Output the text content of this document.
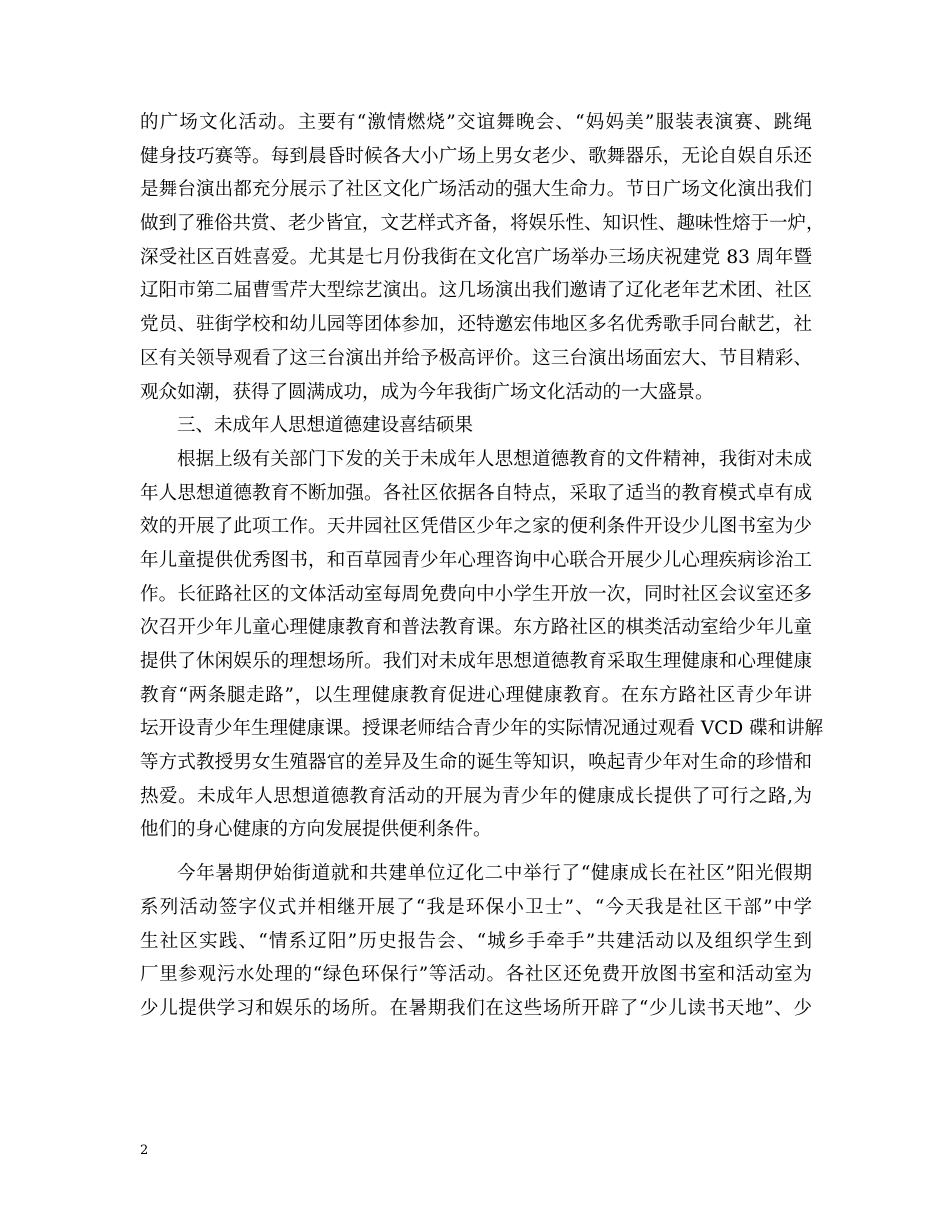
的广场文化活动。主要有“激情燃烧”交谊舞晚会、“妈妈美”服装表演赛、跳绳
健身技巧赛等。每到晨昏时候各大小广场上男女老少、歌舞器乐，无论自娱自乐还
是舞台演出都充分展示了社区文化广场活动的强大生命力。节日广场文化演出我们
做到了雅俗共赏、老少皆宜，文艺样式齐备，将娱乐性、知识性、趣味性熔于一炉，
深受社区百姓喜爱。尤其是七月份我街在文化宫广场举办三场庆祝建党 83 周年暨
辽阳市第二届曹雪芹大型综艺演出。这几场演出我们邀请了辽化老年艺术团、社区
党员、驻街学校和幼儿园等团体参加，还特邀宏伟地区多名优秀歌手同台献艺，社
区有关领导观看了这三台演出并给予极高评价。这三台演出场面宏大、节目精彩、
观众如潮，获得了圆满成功，成为今年我街广场文化活动的一大盛景。
三、未成年人思想道德建设喜结硕果
根据上级有关部门下发的关于未成年人思想道德教育的文件精神，我街对未成
年人思想道德教育不断加强。各社区依据各自特点，采取了适当的教育模式卓有成
效的开展了此项工作。天井园社区凭借区少年之家的便利条件开设少儿图书室为少
年儿童提供优秀图书，和百草园青少年心理咨询中心联合开展少儿心理疾病诊治工
作。长征路社区的文体活动室每周免费向中小学生开放一次，同时社区会议室还多
次召开少年儿童心理健康教育和普法教育课。东方路社区的棋类活动室给少年儿童
提供了休闲娱乐的理想场所。我们对未成年思想道德教育采取生理健康和心理健康
教育“两条腿走路”，以生理健康教育促进心理健康教育。在东方路社区青少年讲
坛开设青少年生理健康课。授课老师结合青少年的实际情况通过观看 VCD 碟和讲解
等方式教授男女生殖器官的差异及生命的诞生等知识，唤起青少年对生命的珍惜和
热爱。未成年人思想道德教育活动的开展为青少年的健康成长提供了可行之路,为
他们的身心健康的方向发展提供便利条件。
今年暑期伊始街道就和共建单位辽化二中举行了“健康成长在社区”阳光假期
系列活动签字仪式并相继开展了“我是环保小卫士”、“今天我是社区干部”中学
生社区实践、“情系辽阳”历史报告会、“城乡手牵手”共建活动以及组织学生到
厂里参观污水处理的“绿色环保行”等活动。各社区还免费开放图书室和活动室为
少儿提供学习和娱乐的场所。在暑期我们在这些场所开辟了“少儿读书天地”、少
2
